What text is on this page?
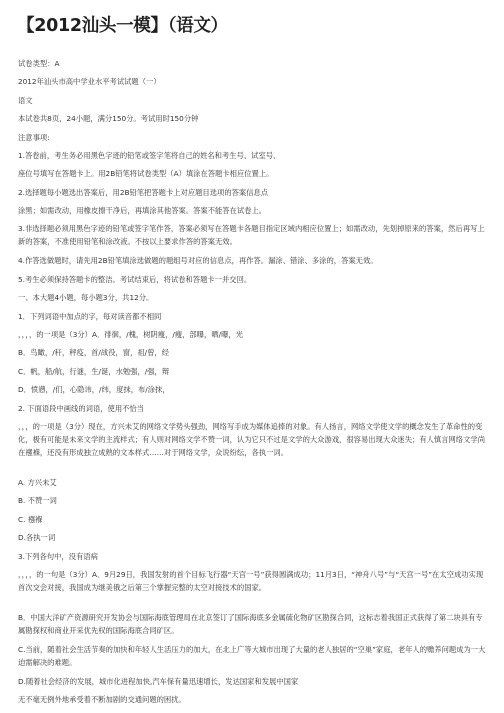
【2012汕头一模】（语文）
试卷类型：A
2012年汕头市高中学业水平考试试题（一）
语文
本试卷共8页，24小题，满分150分。考试用时150分钟
注意事项:
1.答卷前，考生务必用黑色字迹的铅笔或签字笔将自己的姓名和考生号、试室号、
座位号填写在答题卡上。用2B铅笔将试卷类型（A）填涂在答题卡相应位置上。
2.选择题每小题选出答案后，用2B铅笔把答题卡上对应题目选项的答案信息点
涂黑；如需改动，用橡皮擦干净后，再填涂其他答案。答案不能答在试卷上。
3.非选择题必须用黑色字迹的铅笔或签字笔作答，答案必须写在答题卡各题目指定区域内相应位置上；如需改动，先划掉原来的答案，然后再写上新的答案，不准使用铅笔和涂改液。不按以上要求作答的答案无效。
4.作答选做题时，请先用2B铅笔填涂选做题的题组号对应的信息点，再作答。漏涂、错涂、多涂的，答案无效。
5.考生必须保持答题卡的整洁。考试结束后，将试卷和答题卡一并交回。
一、本大题4小题，每小题3分，共12分。
1．下列词语中加点的字，每对读音都不相同
，，，，的一项是（3分）A．徘徊，/槐，树阴瘦，/瘦，部曝，晒/曝，光
B．鸟瞰，/秆，秤疫，首/战役，窗，祖/曾，经
C．帆，船/航，行谜，生/诞，水勉强，/强，辩
D．愤懑，/们，心隐讳，/纬，度抹，布/涂抹，
2. 下面语段中画线的词语，使用不恰当
，，，的一项是（3分）现在，方兴未艾的网络文学势头强劲，网络写手成为媒体追捧的对象。有人扬言，网络文学使文学的概念发生了革命性的变化，极有可能是未来文学的主流样式；有人则对网络文学不赞一词，认为它只不过是文学的大众游戏，很容易出现大众迷失；有人慎言网络文学尚在襁褓，还没有形成独立成熟的文本样式……对于网络文学，众说纷纭，各执一词。
A. 方兴未艾
B. 不赞一词
C. 襁褓
D.各执一词
3.下列各句中，没有语病
，，，，的一句是（3分）A．9月29日，我国发射的首个目标飞行器“天宫一号”获得圆满成功；11月3日，“神舟八号”与“天宫一号”在太空成功实现首次交会对接，我国成为继美俄之后第三个掌握完整的太空对接技术的国家。
B．中国大洋矿产资源研究开发协会与国际海底管理局在北京签订了国际海底多金属硫化物矿区勘探合同，这标志着我国正式获得了第二块具有专属勘探权和商业开采优先权的国际海底合同矿区。
C.当前，随着社会生活节奏的加快和年轻人生活压力的加大，在北上广等大城市出现了大量的老人独居的“空巢”家庭，老年人的赡养问题成为一大迫需解决的难题。
D.随着社会经济的发展，城市化进程加快,汽车保有量迅速增长，发达国家和发展中国家
无不毫无例外地承受着不断加剧的交通问题的困扰。
